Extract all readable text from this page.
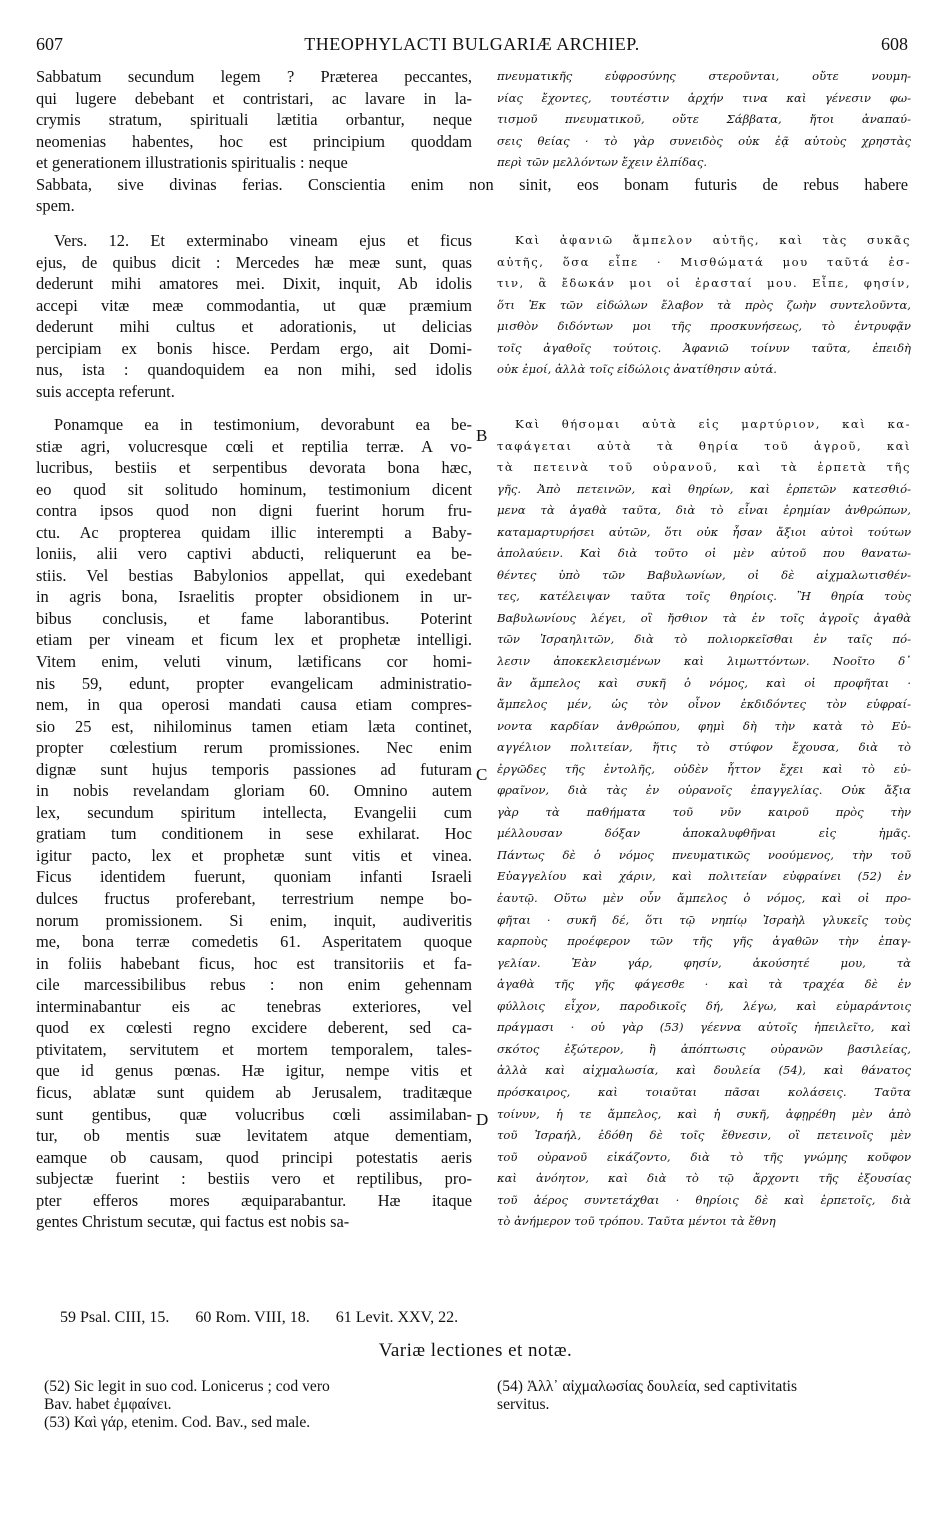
607	THEOPHYLACTI BULGARIÆ ARCHIEP.	608
Sabbatum secundum legem ? Præterea peccantes,
qui lugere debebant et contristari, ac lavare in la-
crymis stratum, spirituali lætitia orbantur, neque
neomenias habentes, hoc est principium quoddam
et generationem illustrationis spiritualis : neque
πνευματικῆς εὐφροσύνης στεροῦνται, οὔτε νουμη-
νίας ἔχοντες, τουτέστιν ἀρχήν τινα καὶ γένεσιν φω-
τισμοῦ πνευματικοῦ, οὔτε Σάββατα, ἤτοι ἀναπαύ-
σεις θείας · τὸ γὰρ συνειδὸς οὐκ ἐᾷ αὐτοὺς χρηστὰς
περὶ τῶν μελλόντων ἔχειν ἐλπίδας.
Sabbata, sive divinas ferias. Conscientia enim non sinit, eos bonam futuris de rebus habere
spem.
Vers. 12. Et exterminabo vineam ejus et ficus
ejus, de quibus dicit : Mercedes hæ meæ sunt, quas
dederunt mihi amatores mei. Dixit, inquit, Ab idolis
accepi vitæ meæ commodantia, ut quæ præmium
dederunt mihi cultus et adorationis, ut delicias
percipiam ex bonis hisce. Perdam ergo, ait Domi-
nus, ista : quandoquidem ea non mihi, sed idolis
suis accepta referunt.
Καὶ ἀφανιῶ ἄμπελον αὐτῆς, καὶ τὰς συκᾶς
αὐτῆς, ὅσα εἶπε · Μισθώματά μου ταῦτά ἐσ-
τιν, ἃ ἔδωκάν μοι οἱ ἐρασταί μου. Εἶπε, φησίν,
ὅτι Ἐκ τῶν εἰδώλων ἔλαβον τὰ πρὸς ζωὴν συντελοῦντα,
μισθὸν διδόντων μοι τῆς προσκυνήσεως, τὸ ἐντρυφᾷν
τοῖς ἀγαθοῖς τούτοις. Ἀφανιῶ τοίνυν ταῦτα, ἐπειδὴ
οὐκ ἐμοί, ἀλλὰ τοῖς εἰδώλοις ἀνατίθησιν αὐτά.
Ponamque ea in testimonium, devorabunt ea be-
stiæ agri, volucresque cœli et reptilia terræ. A vo-
lucribus, bestiis et serpentibus devorata bona hæc,
eo quod sit solitudo hominum, testimonium dicent
contra ipsos quod non digni fuerint horum fru-
ctu. Ac propterea quidam illic interempti a Baby-
loniis, alii vero captivi abducti, reliquerunt ea be-
stiis. Vel bestias Babylonios appellat, qui exedebant
in agris bona, Israelitis propter obsidionem in ur-
bibus conclusis, et fame laborantibus. Poterint
etiam per vineam et ficum lex et prophetæ intelligi.
Vitem enim, veluti vinum, lætificans cor homi-
nis 59, edunt, propter evangelicam administratio-
nem, in qua operosi mandati causa etiam compres-
sio 25 est, nihilominus tamen etiam læta continet,
propter cœlestium rerum promissiones. Nec enim
dignæ sunt hujus temporis passiones ad futuram
in nobis revelandam gloriam 60. Omnino autem
lex, secundum spiritum intellecta, Evangelii cum
gratiam tum conditionem in sese exhilarat. Hoc
igitur pacto, lex et prophetæ sunt vitis et vinea.
Ficus identidem fuerunt, quoniam infanti Israeli
dulces fructus proferebant, terrestrium nempe bo-
norum promissionem. Si enim, inquit, audiveritis
me, bona terræ comedetis 61. Asperitatem quoque
in foliis habebant ficus, hoc est transitoriis et fa-
cile marcessibilibus rebus : non enim gehennam
interminabantur eis ac tenebras exteriores, vel
quod ex cœlesti regno excidere deberent, sed ca-
ptivitatem, servitutem et mortem temporalem, tales-
que id genus pœnas. Hæ igitur, nempe vitis et
ficus, ablatæ sunt quidem ab Jerusalem, traditæque
sunt gentibus, quæ volucribus cœli assimilaban-
tur, ob mentis suæ levitatem atque dementiam,
eamque ob causam, quod principi potestatis aeris
subjectæ fuerint : bestiis vero et reptilibus, pro-
pter efferos mores æquiparabantur. Hæ itaque
gentes Christum secutæ, qui factus est nobis sa-
Καὶ θήσομαι αὐτὰ εἰς μαρτύριον, καὶ κα-
ταφάγεται αὐτὰ τὰ θηρία τοῦ ἀγροῦ, καὶ
τὰ πετεινὰ τοῦ οὐρανοῦ, καὶ τὰ ἑρπετὰ τῆς
γῆς. Ἀπὸ πετεινῶν, καὶ θηρίων, καὶ ἑρπετῶν κατεσθιό-
μενα τὰ ἀγαθὰ ταῦτα, διὰ τὸ εἶναι ἐρημίαν ἀνθρώπων,
καταμαρτυρήσει αὐτῶν, ὅτι οὐκ ἦσαν ἄξιοι αὐτοὶ τούτων
ἀπολαύειν. Καὶ διὰ τοῦτο οἱ μὲν αὐτοῦ που θανατω-
θέντες ὑπὸ τῶν Βαβυλωνίων, οἱ δὲ αἰχμαλωτισθέν-
τες, κατέλειψαν ταῦτα τοῖς θηρίοις. Ἢ θηρία τοὺς
Βαβυλωνίους λέγει, οἳ ἤσθιον τὰ ἐν τοῖς ἀγροῖς ἀγαθὰ
τῶν Ἰσραηλιτῶν, διὰ τὸ πολιορκεῖσθαι ἐν ταῖς πό-
λεσιν ἀποκεκλεισμένων καὶ λιμωττόντων. Νοοῖτο δ᾽
ἂν ἄμπελος καὶ συκῆ ὁ νόμος, καὶ οἱ προφῆται ·
ἄμπελος μέν, ὡς τὸν οἶνον ἐκδιδόντες τὸν εὐφραί-
νοντα καρδίαν ἀνθρώπου, φημὶ δὴ τὴν κατὰ τὸ Εὐ-
αγγέλιον πολιτείαν, ἥτις τὸ στύφον ἔχουσα, διὰ τὸ
ἐργῶδες τῆς ἐντολῆς, οὐδὲν ἧττον ἔχει καὶ τὸ εὐ-
φραῖνον, διὰ τὰς ἐν οὐρανοῖς ἐπαγγελίας. Οὐκ ἄξια
γὰρ τὰ παθήματα τοῦ νῦν καιροῦ πρὸς τὴν
μέλλουσαν δόξαν ἀποκαλυφθῆναι εἰς ἡμᾶς.
Πάντως δὲ ὁ νόμος πνευματικῶς νοούμενος, τὴν τοῦ
Εὐαγγελίου καὶ χάριν, καὶ πολιτείαν εὐφραίνει (52) ἐν
ἑαυτῷ. Οὕτω μὲν οὖν ἄμπελος ὁ νόμος, καὶ οἱ προ-
φῆται · συκῆ δέ, ὅτι τῷ νηπίῳ Ἰσραὴλ γλυκεῖς τοὺς
καρποὺς προέφερον τῶν τῆς γῆς ἀγαθῶν τὴν ἐπαγ-
γελίαν. Ἐὰν γάρ, φησίν, ἀκούσητέ μου, τὰ
ἀγαθὰ τῆς γῆς φάγεσθε · καὶ τὰ τραχέα δὲ ἐν
φύλλοις εἶχον, παροδικοῖς δή, λέγω, καὶ εὐμαράντοις
πράγμασι · οὐ γὰρ (53) γέεννα αὐτοῖς ἠπειλεῖτο, καὶ
σκότος ἐξώτερον, ἢ ἀπόπτωσις οὐρανῶν βασιλείας,
ἀλλὰ καὶ αἰχμαλωσία, καὶ δουλεία (54), καὶ θάνατος
πρόσκαιρος, καὶ τοιαῦται πᾶσαι κολάσεις. Ταῦτα
τοίνυν, ἡ τε ἄμπελος, καὶ ἡ συκῆ, ἀφῃρέθη μὲν ἀπὸ
τοῦ Ἰσραήλ, ἐδόθη δὲ τοῖς ἔθνεσιν, οἳ πετεινοῖς μὲν
τοῦ οὐρανοῦ εἰκάζοντο, διὰ τὸ τῆς γνώμης κοῦφον
καὶ ἀνόητον, καὶ διὰ τὸ τῷ ἄρχοντι τῆς ἐξουσίας
τοῦ ἀέρος συντετάχθαι · θηρίοις δὲ καὶ ἑρπετοῖς, διὰ
τὸ ἀνήμερον τοῦ τρόπου. Ταῦτα μέντοι τὰ ἔθνη
B
C
D
59 Psal. CIII, 15. 60 Rom. VIII, 18. 61 Levit. XXV, 22.
Variæ lectiones et notæ.
(52) Sic legit in suo cod. Lonicerus ; cod vero
Bav. habet ἐμφαίνει.
(53) Καὶ γάρ, etenim. Cod. Bav., sed male.
(54) Ἀλλ᾽ αἰχμαλωσίας δουλεία, sed captivitatis
servitus.
